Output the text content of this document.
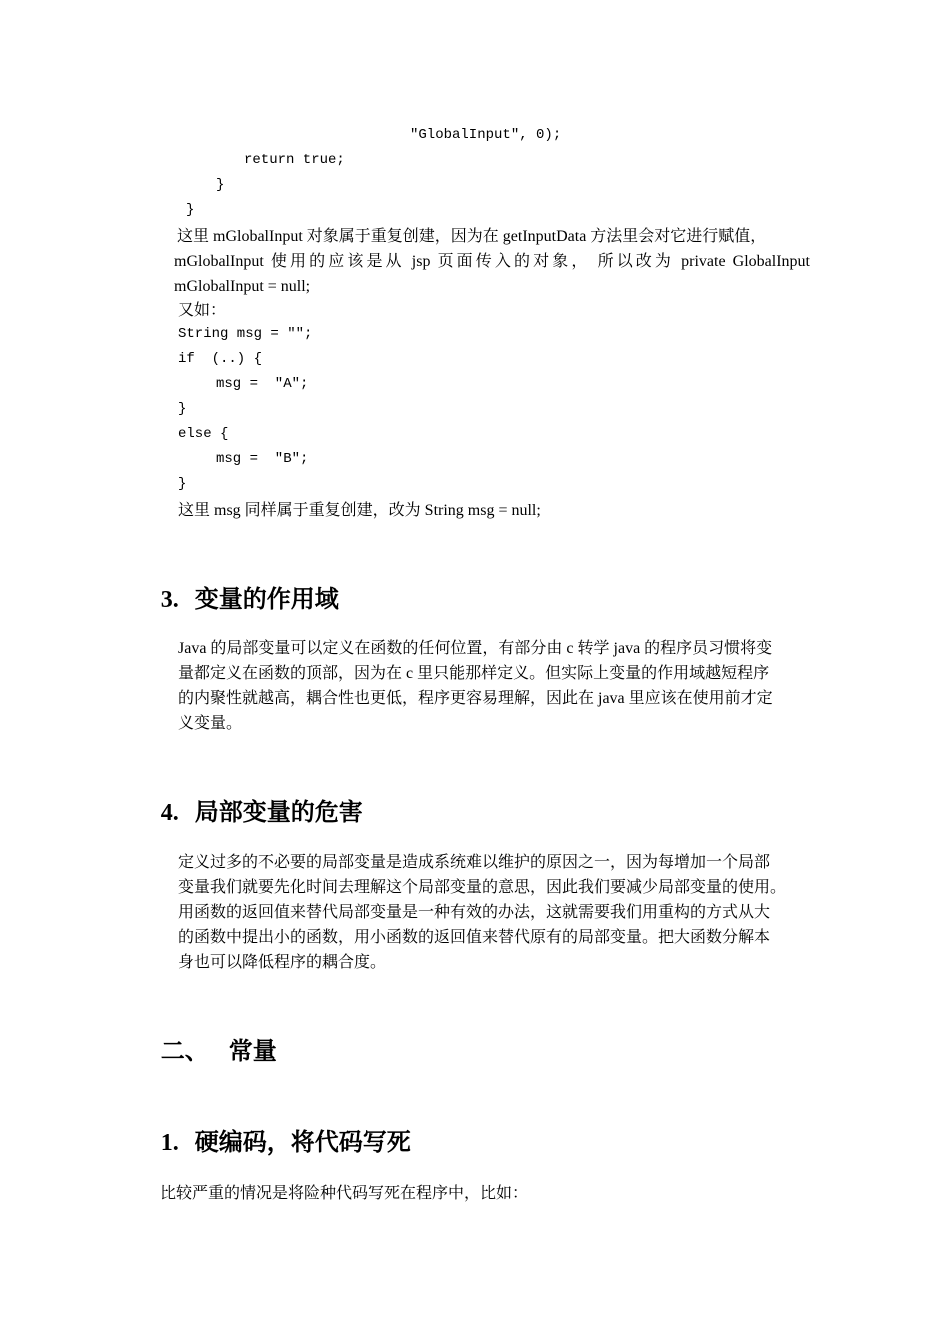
"GlobalInput", 0);
return true;
}
}
这里 mGlobalInput 对象属于重复创建，因为在 getInputData 方法里会对它进行赋值，
mGlobalInput 使用的应该是从 jsp 页面传入的对象， 所以改为 private GlobalInput
mGlobalInput = null;
又如：
String msg = "";
if  (..) {
msg =  "A";
}
else {
msg =  "B";
}
这里 msg 同样属于重复创建，改为 String msg = null;

3. 变量的作用域

Java 的局部变量可以定义在函数的任何位置，有部分由 c 转学 java 的程序员习惯将变
量都定义在函数的顶部，因为在 c 里只能那样定义。但实际上变量的作用域越短程序
的内聚性就越高，耦合性也更低，程序更容易理解，因此在 java 里应该在使用前才定
义变量。

4. 局部变量的危害

定义过多的不必要的局部变量是造成系统难以维护的原因之一，因为每增加一个局部
变量我们就要先化时间去理解这个局部变量的意思，因此我们要减少局部变量的使用。
用函数的返回值来替代局部变量是一种有效的办法，这就需要我们用重构的方式从大
的函数中提出小的函数，用小函数的返回值来替代原有的局部变量。把大函数分解本
身也可以降低程序的耦合度。

二、 常量

1. 硬编码，将代码写死

比较严重的情况是将险种代码写死在程序中，比如：
